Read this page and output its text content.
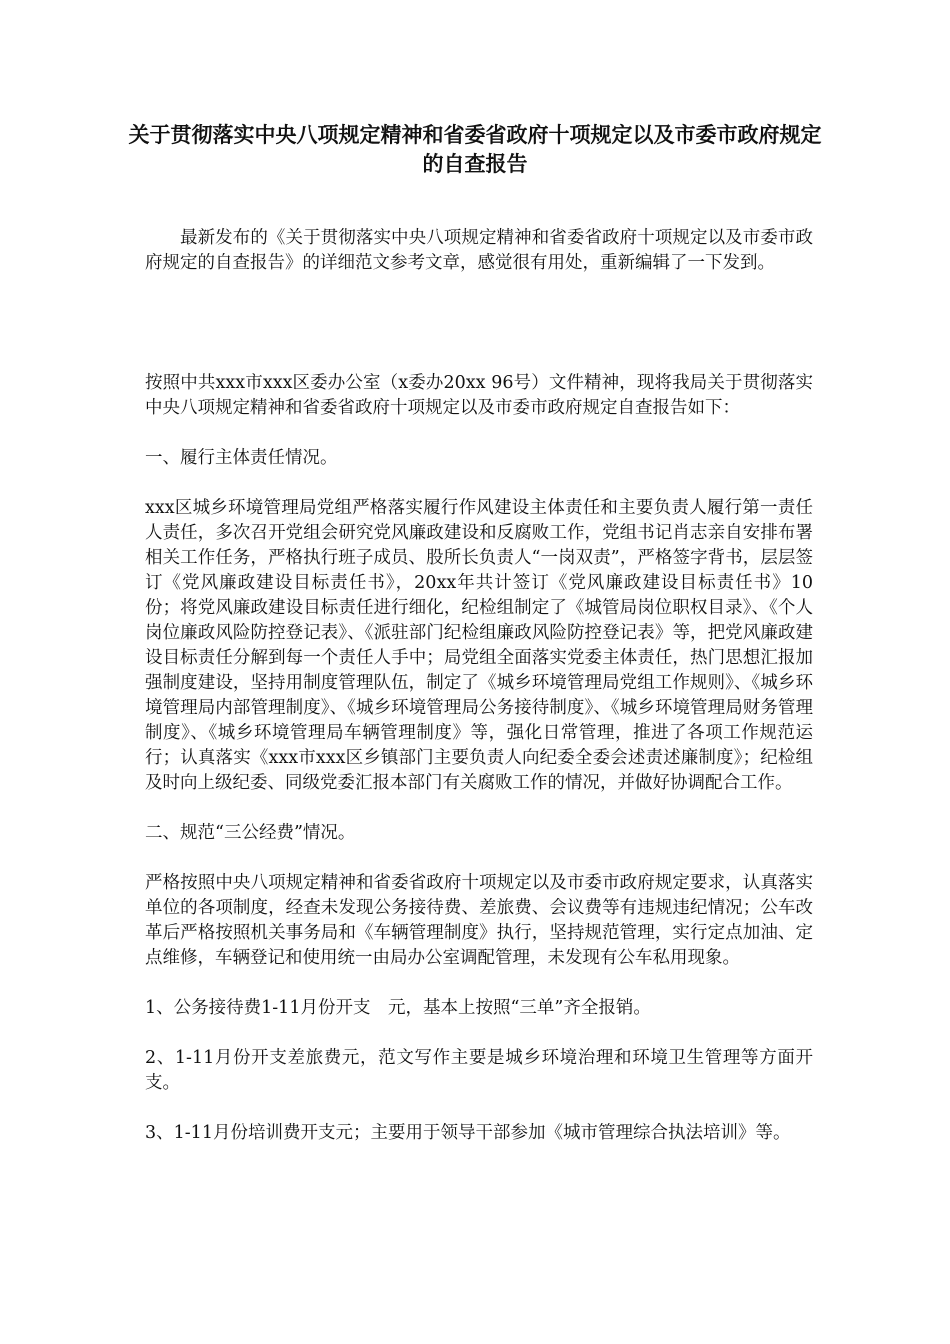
关于贯彻落实中央八项规定精神和省委省政府十项规定以及市委市政府规定的自查报告

最新发布的《关于贯彻落实中央八项规定精神和省委省政府十项规定以及市委市政府规定的自查报告》的详细范文参考文章，感觉很有用处，重新编辑了一下发到。

按照中共xxx市xxx区委办公室（x委办20xx 96号）文件精神，现将我局关于贯彻落实中央八项规定精神和省委省政府十项规定以及市委市政府规定自查报告如下：

一、履行主体责任情况。

xxx区城乡环境管理局党组严格落实履行作风建设主体责任和主要负责人履行第一责任人责任，多次召开党组会研究党风廉政建设和反腐败工作，党组书记肖志亲自安排布署相关工作任务，严格执行班子成员、股所长负责人“一岗双责”，严格签字背书，层层签订《党风廉政建设目标责任书》，20xx年共计签订《党风廉政建设目标责任书》10份；将党风廉政建设目标责任进行细化，纪检组制定了《城管局岗位职权目录》、《个人岗位廉政风险防控登记表》、《派驻部门纪检组廉政风险防控登记表》等，把党风廉政建设目标责任分解到每一个责任人手中；局党组全面落实党委主体责任，热门思想汇报加强制度建设，坚持用制度管理队伍，制定了《城乡环境管理局党组工作规则》、《城乡环境管理局内部管理制度》、《城乡环境管理局公务接待制度》、《城乡环境管理局财务管理制度》、《城乡环境管理局车辆管理制度》等，强化日常管理，推进了各项工作规范运行；认真落实《xxx市xxx区乡镇部门主要负责人向纪委全委会述责述廉制度》；纪检组及时向上级纪委、同级党委汇报本部门有关腐败工作的情况，并做好协调配合工作。

二、规范“三公经费”情况。

严格按照中央八项规定精神和省委省政府十项规定以及市委市政府规定要求，认真落实单位的各项制度，经查未发现公务接待费、差旅费、会议费等有违规违纪情况；公车改革后严格按照机关事务局和《车辆管理制度》执行，坚持规范管理，实行定点加油、定点维修，车辆登记和使用统一由局办公室调配管理，未发现有公车私用现象。

1、公务接待费1-11月份开支　元，基本上按照“三单”齐全报销。

2、1-11月份开支差旅费元，范文写作主要是城乡环境治理和环境卫生管理等方面开支。

3、1-11月份培训费开支元；主要用于领导干部参加《城市管理综合执法培训》等。
